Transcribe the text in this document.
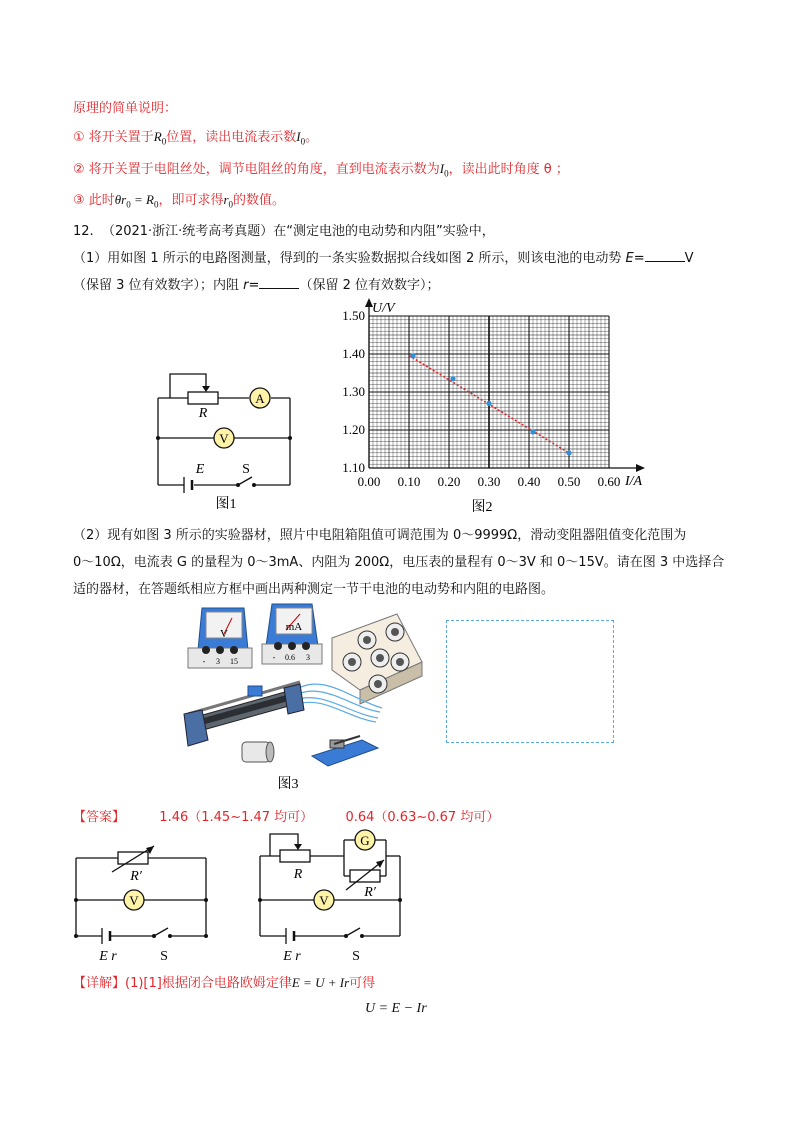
原理的简单说明：
① 将开关置于$R_0$位置，读出电流表示数$I_0$。
② 将开关置于电阻丝处，调节电阻丝的角度，直到电流表示数为$I_0$，读出此时角度 θ ；
③ 此时$\theta r_0 = R_0$，即可求得$r_0$的数值。
12. （2021·浙江·统考高考真题）在“测定电池的电动势和内阻”实验中，
（1）用如图 1 所示的电路图测量，得到的一条实验数据拟合线如图 2 所示，则该电池的电动势 E=	V
（保留 3 位有效数字）；内阻 r=	（保留 2 位有效数字）；
A
V
R
E	S
图1
0.00 0.10 0.20 0.30 0.40 0.50 0.60
1.10
1.20
1.30
1.40
1.50 U/V
I/A
图2
（2）现有如图 3 所示的实验器材，照片中电阻箱阻值可调范围为 0～9999Ω，滑动变阻器阻值变化范围为
0～10Ω，电流表 G 的量程为 0～3mA、内阻为 200Ω，电压表的量程有 0～3V 和 0～15V。请在图 3 中选择合
适的器材，在答题纸相应方框中画出两种测定一节干电池的电动势和内阻的电路图。
V
- 3 15
mA
- 0.6 3
图3
【答案】	1.46（1.45~1.47 均可） 0.64（0.63~0.67 均可）
V
R′
E r	S
G
V
R
R′
E r	S
【详解】(1)[1]根据闭合电路欧姆定律E = U + Ir可得
U = E − Ir
